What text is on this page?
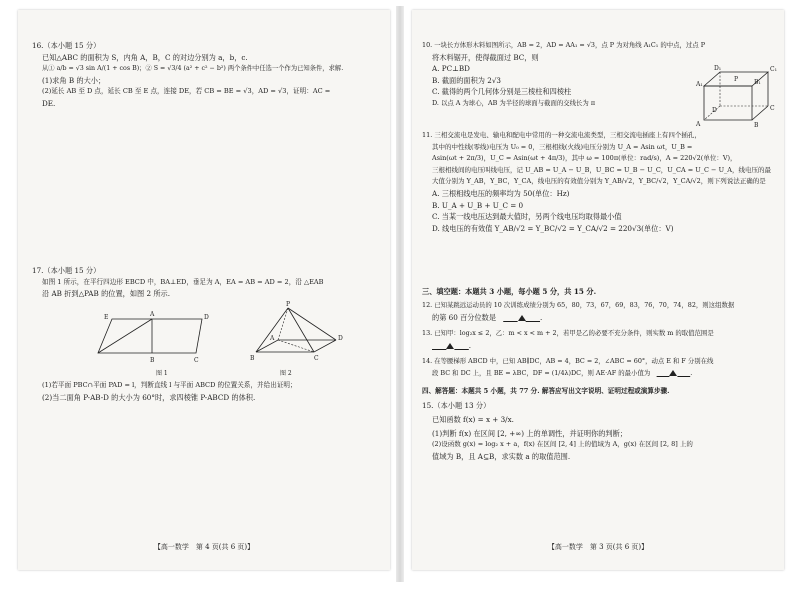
16.（本小题 15 分）
已知△ABC 的面积为 S，内角 A，B，C 的对边分别为 a，b，c.
从① a/b = √3 sin A/(1 + cos B)；② S = √3/4 (a² + c² − b²) 两个条件中任选一个作为已知条件，求解.
(1)求角 B 的大小；
(2)延长 AB 至 D 点，延长 CB 至 E 点，连接 DE，若 CB = BE = √3，AD = √3，证明：AC =
DE.
17.（本小题 15 分）
如图 1 所示，在平行四边形 EBCD 中，BA⊥ED，垂足为 A，EA = AB = AD = 2，沿 △EAB
沿 AB 折到△PAB 的位置，如图 2 所示.
E	A	D
B	C
图 1
P
A	D
B	C
图 2
(1)若平面 PBC∩平面 PAD = l，判断直线 l 与平面 ABCD 的位置关系，并给出证明；
(2)当二面角 P-AB-D 的大小为 60°时，求四棱锥 P-ABCD 的体积.
【高一数学　第 4 页(共 6 页)】
10. 一块长方体形木料如图所示，AB = 2，AD = AA₁ = √3，点 P 为对角线 A₁C₁ 的中点，过点 P
将木料锯开，使得截面过 BC，则
A. PC⊥BD
B. 截面的面积为 2√3
C. 截得的两个几何体分别是三棱柱和四棱柱
D. 以点 A 为球心，AB 为半径的球面与截面的交线长为 π
A₁
D₁	C₁
B₁
P
A
C
B
D
11. 三相交流电是发电、输电和配电中常用的一种交流电流类型，三相交流电插座上有四个插孔，
其中的中性线(零线)电压为 U₀ = 0，三根相线(火线)电压分别为 U_A = Asin ωt，U_B =
Asin(ωt + 2π/3)，U_C = Asin(ωt + 4π/3)，其中 ω = 100π(单位：rad/s)，A = 220√2(单位：V)，
三根相线间的电压叫线电压，记 U_AB = U_A − U_B，U_BC = U_B − U_C，U_CA = U_C − U_A，线电压的最
大值分别为 Y_AB，Y_BC，Y_CA，线电压的有效值分别为 Y_AB/√2，Y_BC/√2，Y_CA/√2，则下列说法正确的是
A. 三根相线电压的频率均为 50(单位：Hz)
B. U_A + U_B + U_C = 0
C. 当某一线电压达到最大值时，另两个线电压均取得最小值
D. 线电压的有效值 Y_AB/√2 = Y_BC/√2 = Y_CA/√2 = 220√3(单位：V)
三、填空题：本题共 3 小题，每小题 5 分，共 15 分.
12. 已知某跳远运动员的 10 次训练成绩分别为 65，80，73，67，69，83，76，70，74，82，则这组数据
的第 60 百分位数是　　　　　	.
13. 已知甲：log₂x ≤ 2，乙：m < x < m + 2，若甲是乙的必要不充分条件，则实数 m 的取值范围是
　　　　.
14. 在等腰梯形 ABCD 中，已知 AB∥DC，AB = 4，BC = 2，∠ABC = 60°，动点 E 和 F 分别在线
段 BC 和 DC 上，且 BE = λBC，DF = (1/4λ)DC，则 AE·AF 的最小值为　　　　　	.
四、解答题：本题共 5 小题，共 77 分. 解答应写出文字说明、证明过程或演算步骤.
15.（本小题 13 分）
已知函数 f(x) = x + 3/x.
(1)判断 f(x) 在区间 [2, +∞) 上的单调性，并证明你的判断；
(2)设函数 g(x) = log₂ x + a，f(x) 在区间 [2, 4] 上的值域为 A，g(x) 在区间 [2, 8] 上的
值域为 B，且 A⊆B，求实数 a 的取值范围.
【高一数学　第 3 页(共 6 页)】
